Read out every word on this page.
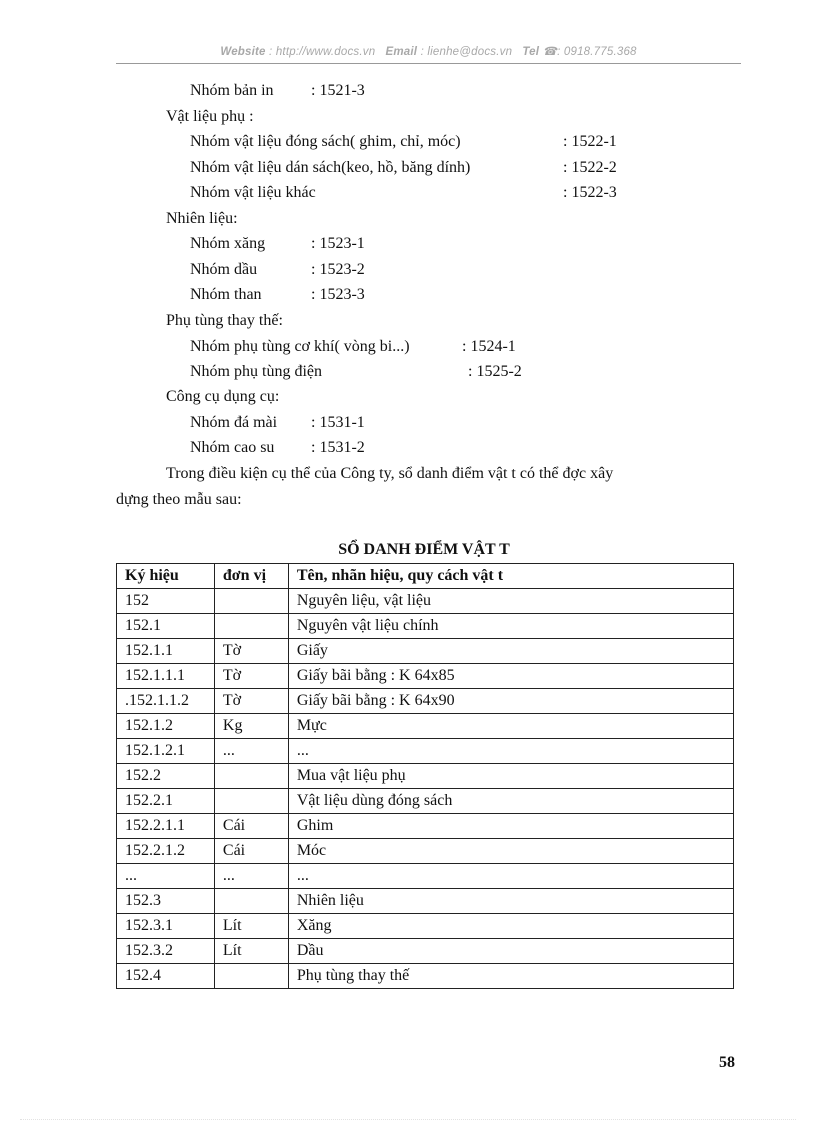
Website : http://www.docs.vn Email : lienhe@docs.vn Tel ☎: 0918.775.368
Nhóm bản in : 1521-3
Vật liệu phụ :
Nhóm vật liệu đóng sách( ghim, chỉ, móc)	: 1522-1
Nhóm vật liệu dán sách(keo, hồ, băng dính)	: 1522-2
Nhóm vật liệu khác	: 1522-3
Nhiên liệu:
Nhóm xăng	: 1523-1
Nhóm dầu	: 1523-2
Nhóm than	: 1523-3
Phụ tùng thay thế:
Nhóm phụ tùng cơ khí( vòng bi...)	: 1524-1
Nhóm phụ tùng điện	: 1525-2
Công cụ dụng cụ:
Nhóm đá mài : 1531-1
Nhóm cao su : 1531-2
Trong điều kiện cụ thể của Công ty, sổ danh điểm vật t có thể đợc xây
dựng theo mẫu sau:
SỔ DANH ĐIỂM VẬT T
Ký hiệu	đơn vị	Tên, nhãn hiệu, quy cách vật t
152		Nguyên liệu, vật liệu
152.1		Nguyên vật liệu chính
152.1.1	Tờ	Giấy
152.1.1.1	Tờ	Giấy bãi bằng : K 64x85
.152.1.1.2	Tờ	Giấy bãi bằng : K 64x90
152.1.2	Kg	Mực
152.1.2.1	...	...
152.2		Mua vật liệu phụ
152.2.1		Vật liệu dùng đóng sách
152.2.1.1	Cái	Ghim
152.2.1.2	Cái	Móc
...	...	...
152.3		Nhiên liệu
152.3.1	Lít	Xăng
152.3.2	Lít	Dầu
152.4		Phụ tùng thay thế
58
